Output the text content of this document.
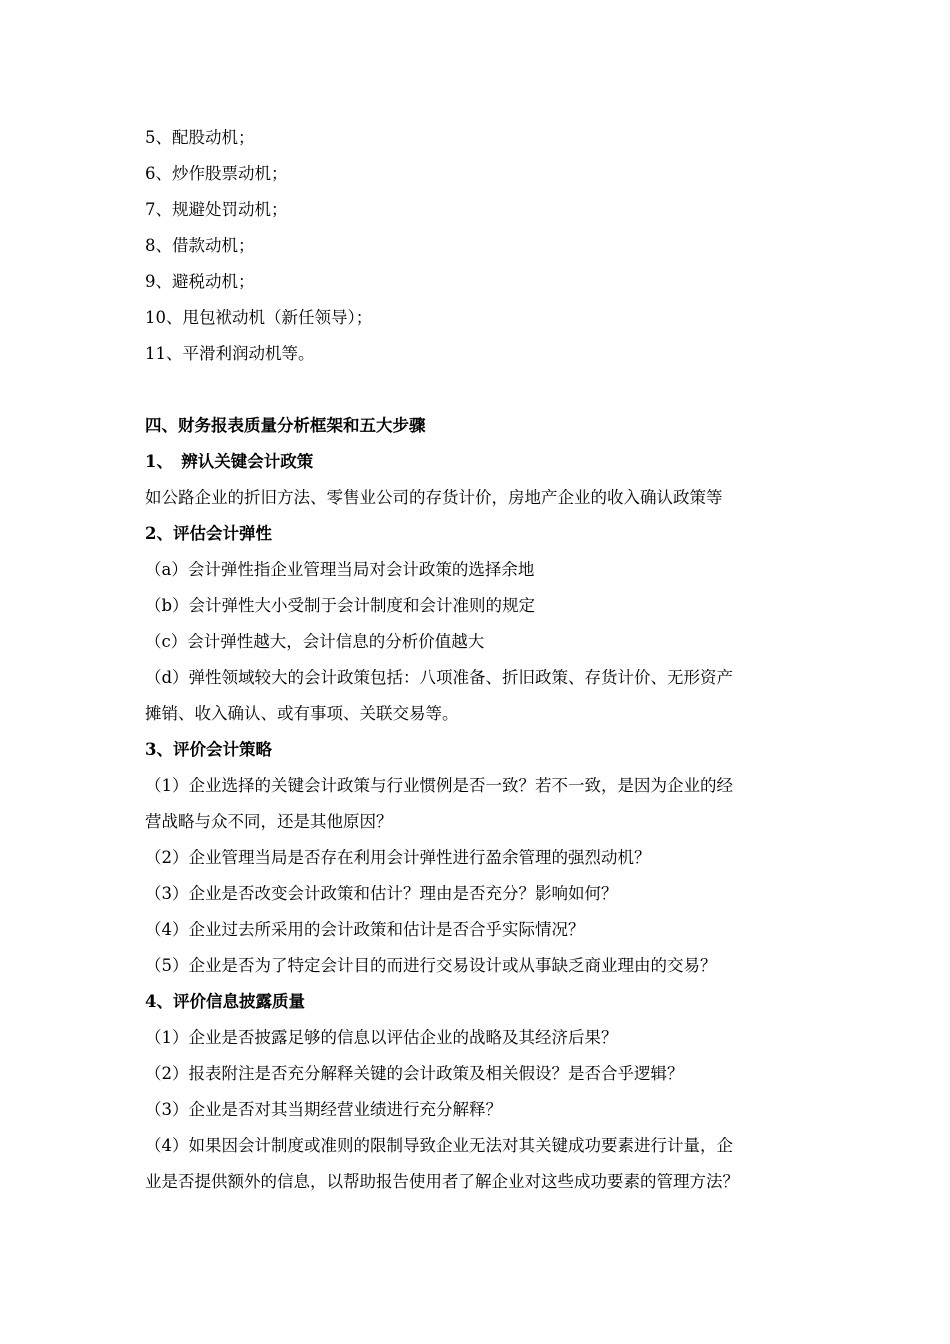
5、配股动机；
6、炒作股票动机；
7、规避处罚动机；
8、借款动机；
9、避税动机；
10、甩包袱动机（新任领导）；
11、平滑利润动机等。
四、财务报表质量分析框架和五大步骤
1、　辨认关键会计政策
如公路企业的折旧方法、零售业公司的存货计价，房地产企业的收入确认政策等
2、评估会计弹性
（a）会计弹性指企业管理当局对会计政策的选择余地
（b）会计弹性大小受制于会计制度和会计准则的规定
（c）会计弹性越大，会计信息的分析价值越大
（d）弹性领域较大的会计政策包括：八项准备、折旧政策、存货计价、无形资产
摊销、收入确认、或有事项、关联交易等。
3、评价会计策略
（1）企业选择的关键会计政策与行业惯例是否一致？若不一致，是因为企业的经
营战略与众不同，还是其他原因？
（2）企业管理当局是否存在利用会计弹性进行盈余管理的强烈动机？
（3）企业是否改变会计政策和估计？理由是否充分？影响如何？
（4）企业过去所采用的会计政策和估计是否合乎实际情况？
（5）企业是否为了特定会计目的而进行交易设计或从事缺乏商业理由的交易？
4、评价信息披露质量
（1）企业是否披露足够的信息以评估企业的战略及其经济后果？
（2）报表附注是否充分解释关键的会计政策及相关假设？是否合乎逻辑？
（3）企业是否对其当期经营业绩进行充分解释？
（4）如果因会计制度或准则的限制导致企业无法对其关键成功要素进行计量，企
业是否提供额外的信息，以帮助报告使用者了解企业对这些成功要素的管理方法？
